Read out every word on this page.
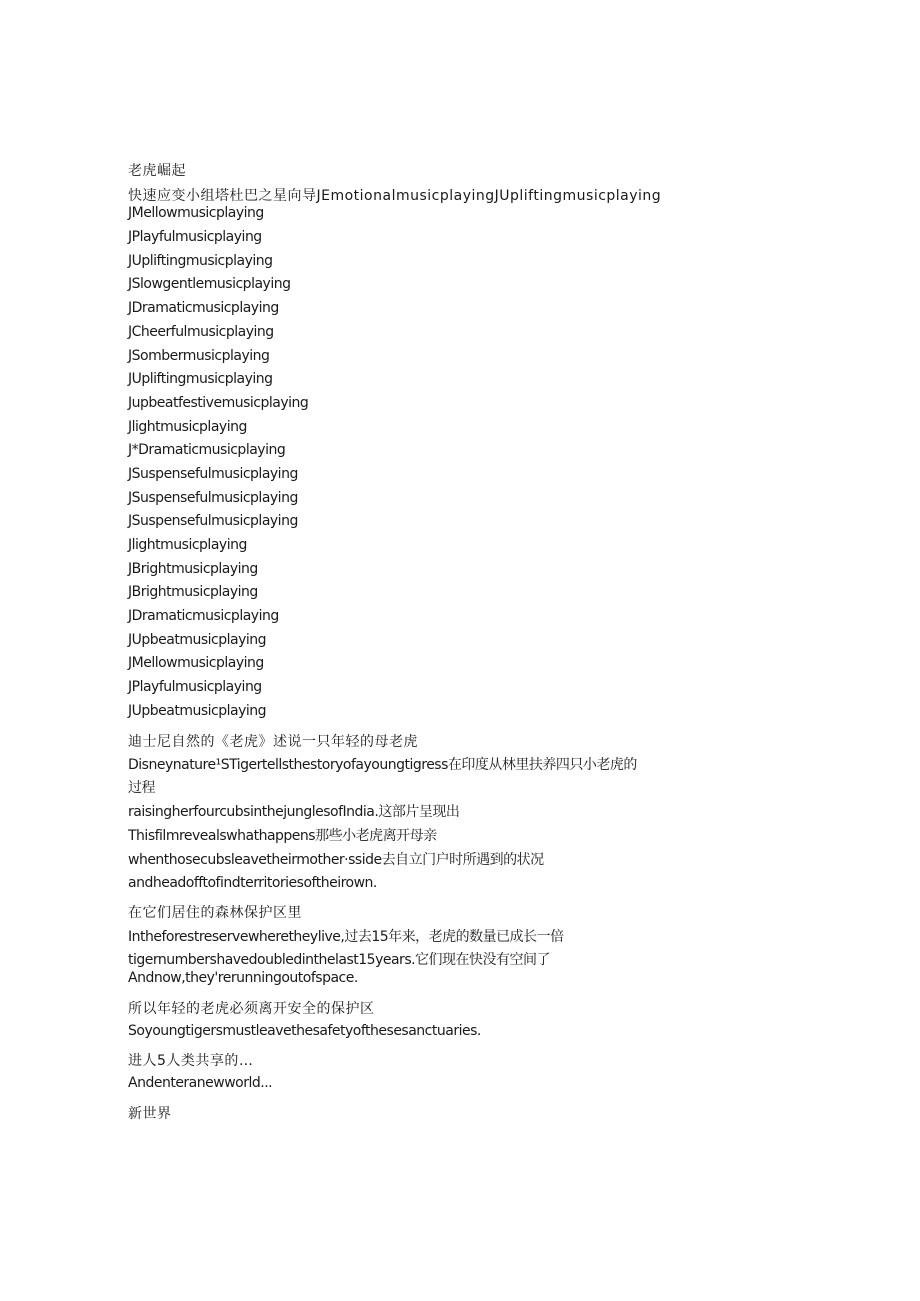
老虎崛起
快速应变小组塔杜巴之星向导JEmotionalmusicplayingJUpliftingmusicplaying
JMellowmusicplaying
JPlayfulmusicplaying
JUpliftingmusicplaying
JSlowgentlemusicplaying
JDramaticmusicplaying
JCheerfulmusicplaying
JSombermusicplaying
JUpliftingmusicplaying
Jupbeatfestivemusicplaying
Jlightmusicplaying
J*Dramaticmusicplaying
JSuspensefulmusicplaying
JSuspensefulmusicplaying
JSuspensefulmusicplaying
Jlightmusicplaying
JBrightmusicplaying
JBrightmusicplaying
JDramaticmusicplaying
JUpbeatmusicplaying
JMellowmusicplaying
JPlayfulmusicplaying
JUpbeatmusicplaying
迪士尼自然的《老虎》述说一只年轻的母老虎
Disneynature¹STigertellsthestoryofayoungtigress在印度从林里扶养四只小老虎的过程
raisingherfourcubsinthejunglesofIndia.这部片呈现出
Thisfilmrevealswhathappens那些小老虎离开母亲
whenthosecubsleavetheirmother·sside去自立门户时所遇到的状况
andheadofftofindterritoriesoftheirown.
在它们居住的森林保护区里
Intheforestreservewheretheylive,过去15年来，老虎的数量已成长一倍
tigernumbershavedoubledinthelast15years.它们现在快没有空间了
Andnow,they'rerunningoutofspace.
所以年轻的老虎必须离开安全的保护区
Soyoungtigersmustleavethesafetyofthesesanctuaries.
进人5人类共享的…
Andenteranewworld...
新世界
